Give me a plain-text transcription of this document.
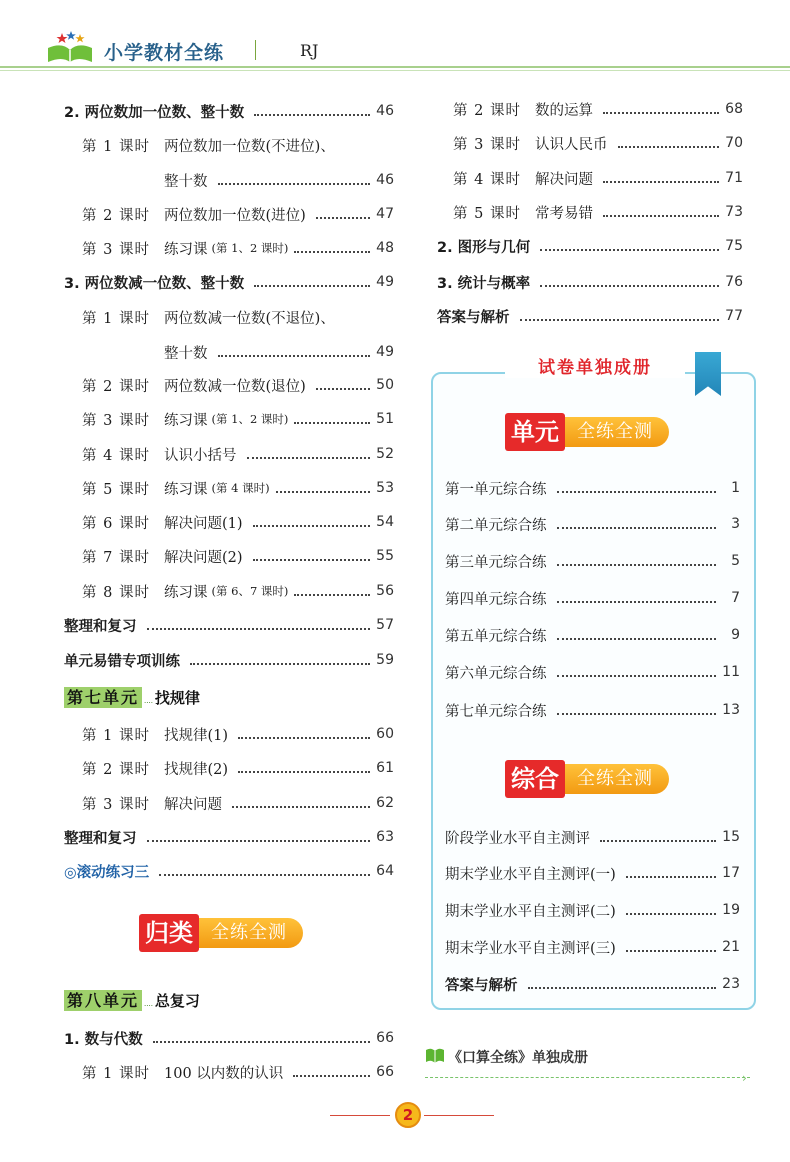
小学教材全练	RJ
2. 两位数加一位数、整十数	46
第 1 课时 两位数加一位数(不进位)、
整十数	46
第 2 课时 两位数加一位数(进位)	47
第 3 课时 练习课 (第 1、2 课时)	48
3. 两位数减一位数、整十数	49
第 1 课时 两位数减一位数(不退位)、
整十数	49
第 2 课时 两位数减一位数(退位)	50
第 3 课时 练习课 (第 1、2 课时)	51
第 4 课时 认识小括号	52
第 5 课时 练习课 (第 4 课时)	53
第 6 课时 解决问题(1)	54
第 7 课时 解决问题(2)	55
第 8 课时 练习课 (第 6、7 课时)	56
整理和复习	57
单元易错专项训练	59
第 1 课时 找规律(1)	60
第 2 课时 找规律(2)	61
第 3 课时 解决问题	62
整理和复习	63
◎滚动练习三	64
1. 数与代数	66
第 1 课时 100 以内数的认识	66
第七单元 .... 找规律
归类	全练全测
第八单元 .... 总复习
第 2 课时 数的运算	68
第 3 课时 认识人民币	70
第 4 课时 解决问题	71
第 5 课时 常考易错	73
2. 图形与几何	75
3. 统计与概率	76
答案与解析	77
试卷单独成册
单元	全练全测
综合	全练全测
第一单元综合练	1
第二单元综合练	3
第三单元综合练	5
第四单元综合练	7
第五单元综合练	9
第六单元综合练	11
第七单元综合练	13
阶段学业水平自主测评	15
期末学业水平自主测评(一)	17
期末学业水平自主测评(二)	19
期末学业水平自主测评(三)	21
答案与解析	23
《口算全练》单独成册
›
2
